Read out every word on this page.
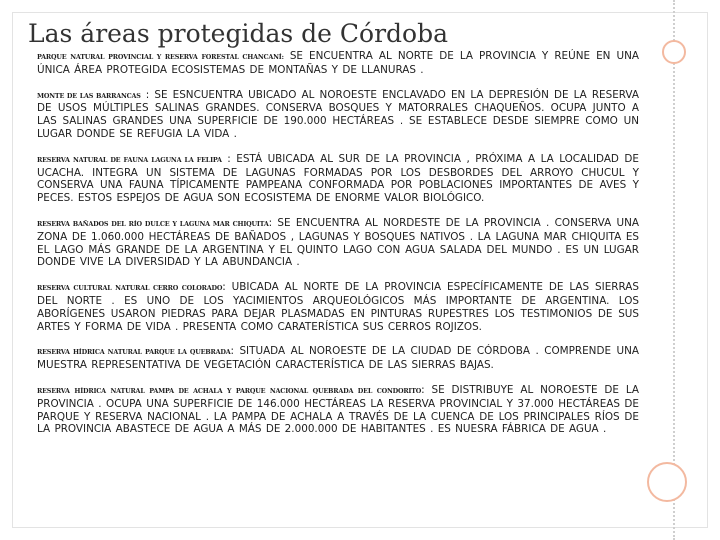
Las áreas protegidas de Córdoba

PARQUE NATURAL PROVINCIAL Y RESERVA FORESTAL CHANCANÍ: SE ENCUENTRA AL NORTE DE LA PROVINCIA Y REÚNE EN UNA ÚNICA ÁREA PROTEGIDA ECOSISTEMAS DE MONTAÑAS Y DE LLANURAS .

MONTE DE LAS BARRANCAS : SE ESNCUENTRA UBICADO AL NOROESTE ENCLAVADO EN LA DEPRESIÓN DE LA RESERVA DE USOS MÚLTIPLES SALINAS GRANDES. CONSERVA BOSQUES Y MATORRALES CHAQUEÑOS. OCUPA JUNTO A LAS SALINAS GRANDES UNA SUPERFICIE DE 190.000 HECTÁREAS . SE ESTABLECE DESDE SIEMPRE COMO UN LUGAR DONDE SE REFUGIA LA VIDA .

RESERVA NATURAL DE FAUNA LAGUNA LA FELIPA : ESTÁ UBICADA AL SUR DE LA PROVINCIA , PRÓXIMA A LA LOCALIDAD DE UCACHA. INTEGRA UN SISTEMA DE LAGUNAS FORMADAS POR LOS DESBORDES DEL ARROYO CHUCUL Y CONSERVA UNA FAUNA TÍPICAMENTE PAMPEANA CONFORMADA POR POBLACIONES IMPORTANTES DE AVES Y PECES. ESTOS ESPEJOS DE AGUA SON ECOSISTEMA DE ENORME VALOR BIOLÓGICO.

RESERVA BAÑADOS DEL RÍO DULCE Y LAGUNA MAR CHIQUITA: SE ENCUENTRA AL NORDESTE DE LA PROVINCIA . CONSERVA UNA ZONA DE 1.060.000 HECTÁREAS DE BAÑADOS , LAGUNAS Y BOSQUES NATIVOS . LA LAGUNA MAR CHIQUITA ES EL LAGO MÁS GRANDE DE LA ARGENTINA Y EL QUINTO LAGO CON AGUA SALADA DEL MUNDO . ES UN LUGAR DONDE VIVE LA DIVERSIDAD Y LA ABUNDANCIA .

RESERVA CULTURAL NATURAL CERRO COLORADO: UBICADA AL NORTE DE LA PROVINCIA ESPECÍFICAMENTE DE LAS SIERRAS DEL NORTE . ES UNO DE LOS YACIMIENTOS ARQUEOLÓGICOS MÁS IMPORTANTE DE ARGENTINA. LOS ABORÍGENES USARON PIEDRAS PARA DEJAR PLASMADAS EN PINTURAS RUPESTRES LOS TESTIMONIOS DE SUS ARTES Y FORMA DE VIDA . PRESENTA COMO CARATERÍSTICA SUS CERROS ROJIZOS.

RESERVA HÍDRICA NATURAL PARQUE LA QUEBRADA: SITUADA AL NOROESTE DE LA CIUDAD DE CÓRDOBA . COMPRENDE UNA MUESTRA REPRESENTATIVA DE VEGETACIÓN CARACTERÍSTICA DE LAS SIERRAS BAJAS.

RESERVA HÍDRICA NATURAL PAMPA DE ACHALA Y PARQUE NACIONAL QUEBRADA DEL CONDORITO: SE DISTRIBUYE AL NOROESTE DE LA PROVINCIA . OCUPA UNA SUPERFICIE DE 146.000 HECTÁREAS LA RESERVA PROVINCIAL Y 37.000 HECTÁREAS DE PARQUE Y RESERVA NACIONAL . LA PAMPA DE ACHALA A TRAVÉS DE LA CUENCA DE LOS PRINCIPALES RÍOS DE LA PROVINCIA ABASTECE DE AGUA A MÁS DE 2.000.000 DE HABITANTES . ES NUESRA FÁBRICA DE AGUA .
